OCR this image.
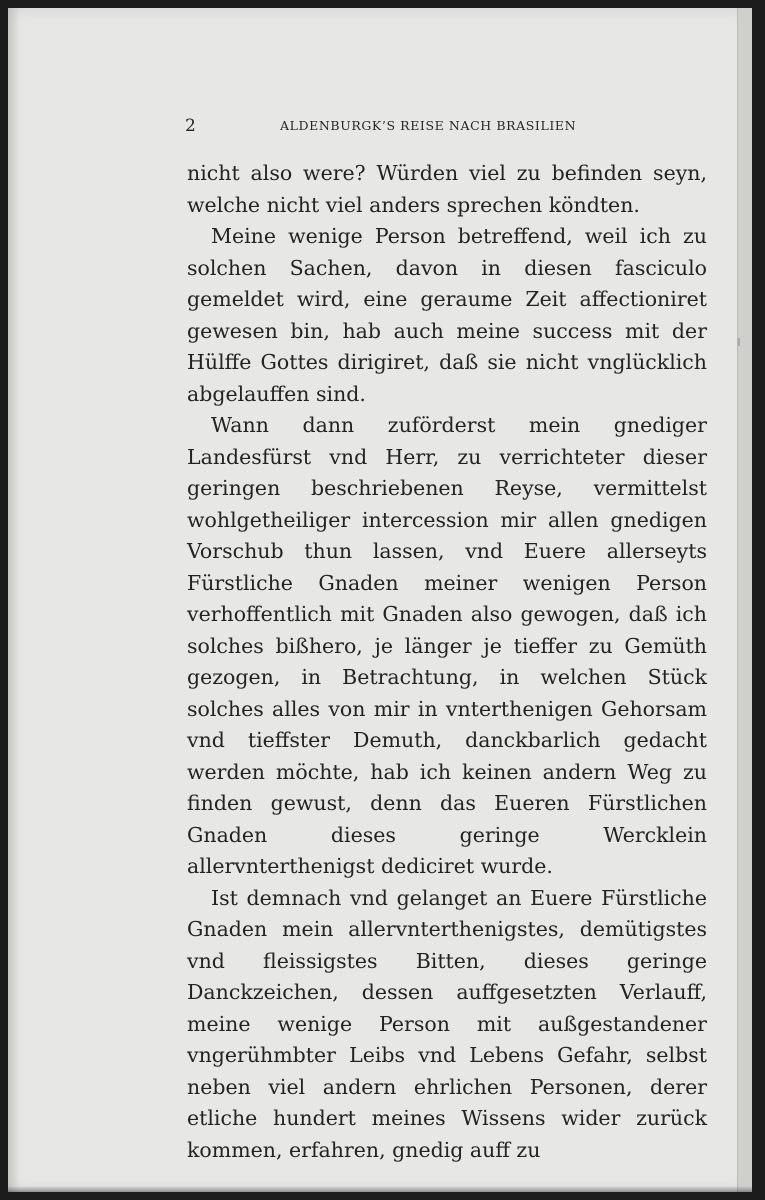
2	ALDENBURGK’S REISE NACH BRASILIEN

nicht also were? Würden viel zu befinden seyn, welche nicht viel anders sprechen köndten.

Meine wenige Person betreffend, weil ich zu solchen Sachen, davon in diesen fasciculo gemeldet wird, eine geraume Zeit affectioniret gewesen bin, hab auch meine success mit der Hülffe Gottes dirigiret, daß sie nicht vnglücklich abgelauffen sind.

Wann dann zuförderst mein gnediger Landesfürst vnd Herr, zu verrichteter dieser geringen beschriebenen Reyse, vermittelst wohlgetheiliger intercession mir allen gnedigen Vorschub thun lassen, vnd Euere allerseyts Fürstliche Gnaden meiner wenigen Person verhoffentlich mit Gnaden also gewogen, daß ich solches bißhero, je länger je tieffer zu Gemüth gezogen, in Betrachtung, in welchen Stück solches alles von mir in vnterthenigen Gehorsam vnd tieffster Demuth, danckbarlich gedacht werden möchte, hab ich keinen andern Weg zu finden gewust, denn das Eueren Fürstlichen Gnaden dieses geringe Wercklein allervnterthenigst dediciret wurde.

Ist demnach vnd gelanget an Euere Fürstliche Gnaden mein allervnterthenigstes, demütigstes vnd fleissigstes Bitten, dieses geringe Danckzeichen, dessen auffgesetzten Verlauff, meine wenige Person mit außgestandener vngerühmbter Leibs vnd Lebens Gefahr, selbst neben viel andern ehrlichen Personen, derer etliche hundert meines Wissens wider zurück kommen, erfahren, gnedig auff zu
